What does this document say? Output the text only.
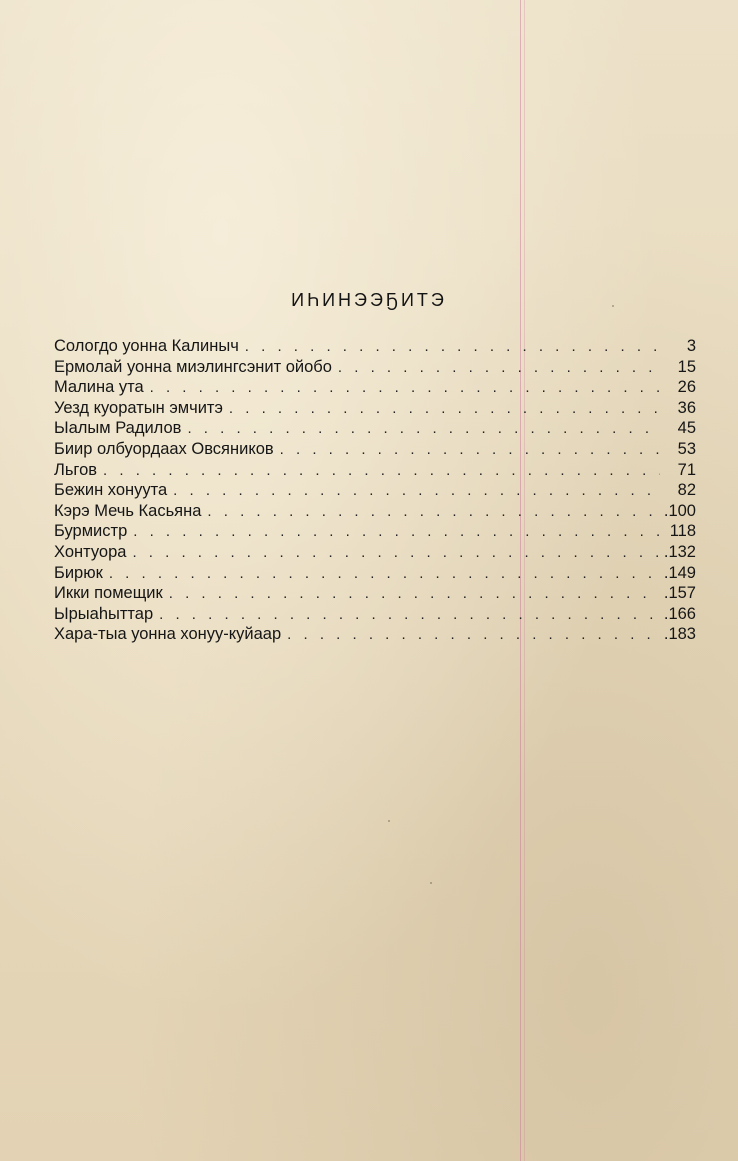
ИҺИНЭЭҔИТЭ
Сологдо уонна Калиныч . . .	3
Ермолай уонна миэлингсэнит ойобо . . .	15
Малина ута . . .	26
Уезд куоратын эмчитэ . . .	36
Ыалым Радилов . . .	45
Биир олбуордаах Овсяников . . .	53
Льгов . . .	71
Бежин хонуута . . .	82
Кэрэ Мечь Касьяна . . .	.100
Бурмистр . . .	118
Хонтуора . . .	.132
Бирюк . . .	.149
Икки помещик . . .	.157
Ырыаһыттар . . .	.166
Хара-тыа уонна хонуу-куйаар . . .	.183
